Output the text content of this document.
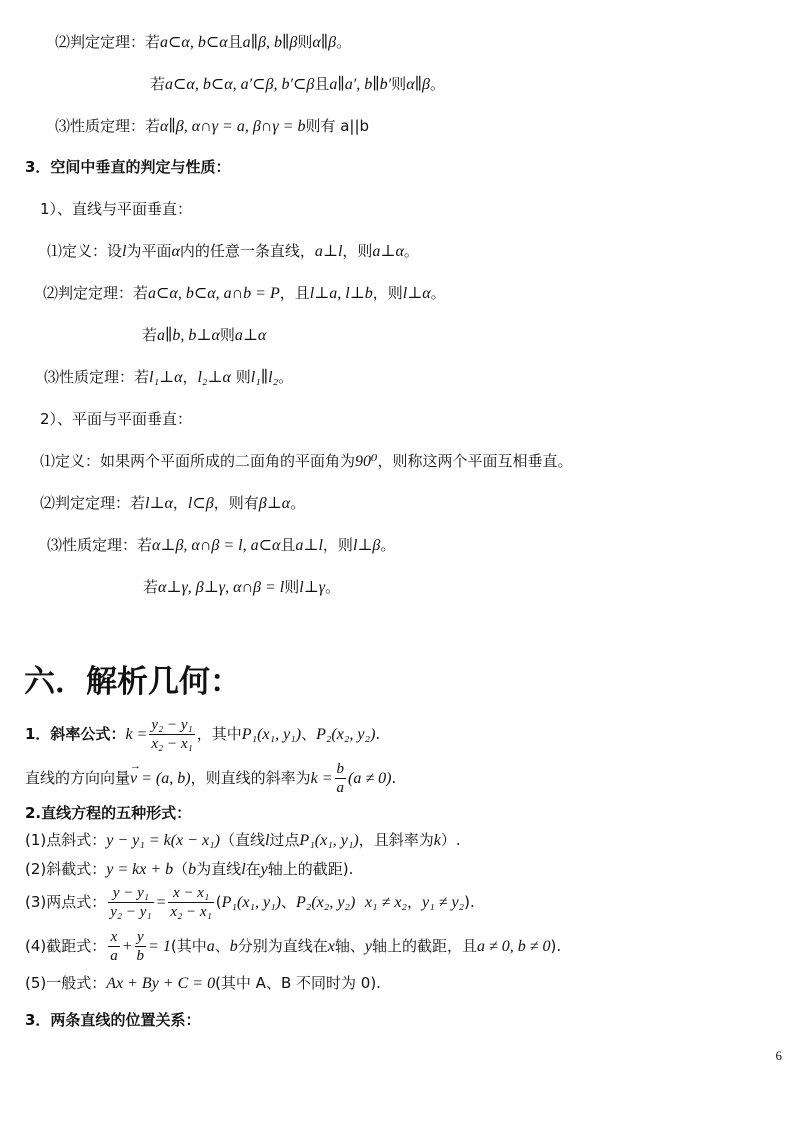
⑵判定定理：若a⊂α, b⊂α且a∥β, b∥β则α∥β。
若a⊂α, b⊂α, a′⊂β, b′⊂β且a∥a′, b∥b′则α∥β。
⑶性质定理：若α∥β, α∩γ = a, β∩γ = b则有 a||b
3．空间中垂直的判定与性质：
1）、直线与平面垂直：
⑴定义：设l为平面α内的任意一条直线，a⊥l，则a⊥α。
⑵判定定理：若a⊂α, b⊂α, a∩b = P，且l⊥a, l⊥b，则l⊥α。
若a∥b, b⊥α则a⊥α
⑶性质定理：若l₁⊥α，l₂⊥α 则l₁∥l₂。
2）、平面与平面垂直：
⑴定义：如果两个平面所成的二面角的平面角为90⁰，则称这两个平面互相垂直。
⑵判定定理：若l⊥α，l⊂β，则有β⊥α。
⑶性质定理：若α⊥β, α∩β = l, a⊂α且a⊥l，则l⊥β。
若α⊥γ, β⊥γ, α∩β = l则l⊥γ。
六．解析几何：
1．斜率公式：$k = \frac{\text{y₂ − y₁}}{\text{x₂ − x₁}}$ ，其中P₁(x₁, y₁)、P₂(x₂, y₂).
直线的方向向量→ v = (a, b)，则直线的斜率为$k = \frac{b}{a} (a \ne 0)$.
2.直线方程的五种形式：
(1)点斜式：y − y₁ = k(x − x₁)（直线l过点P₁(x₁, y₁)，且斜率为k）.
(2)斜截式：y = kx + b（b为直线l在y轴上的截距).
(3)两点式： $\frac{\text{y − y₁}}{\text{y₂ − y₁}} = \frac{\text{x − x₁}}{\text{x₂ − x₁}} (P_1(x_1$, y₁)、P₂(x₂, y₂) x₁ ≠ x₂，y₁ ≠ y₂).
(4)截距式： $\frac{x}{a} + \frac{y}{b} = 1$(其中a、b分别为直线在x轴、y轴上的截距，且a ≠ 0, b ≠ 0).
(5)一般式：Ax + By + C = 0(其中 A、B 不同时为 0).
3．两条直线的位置关系：
6
